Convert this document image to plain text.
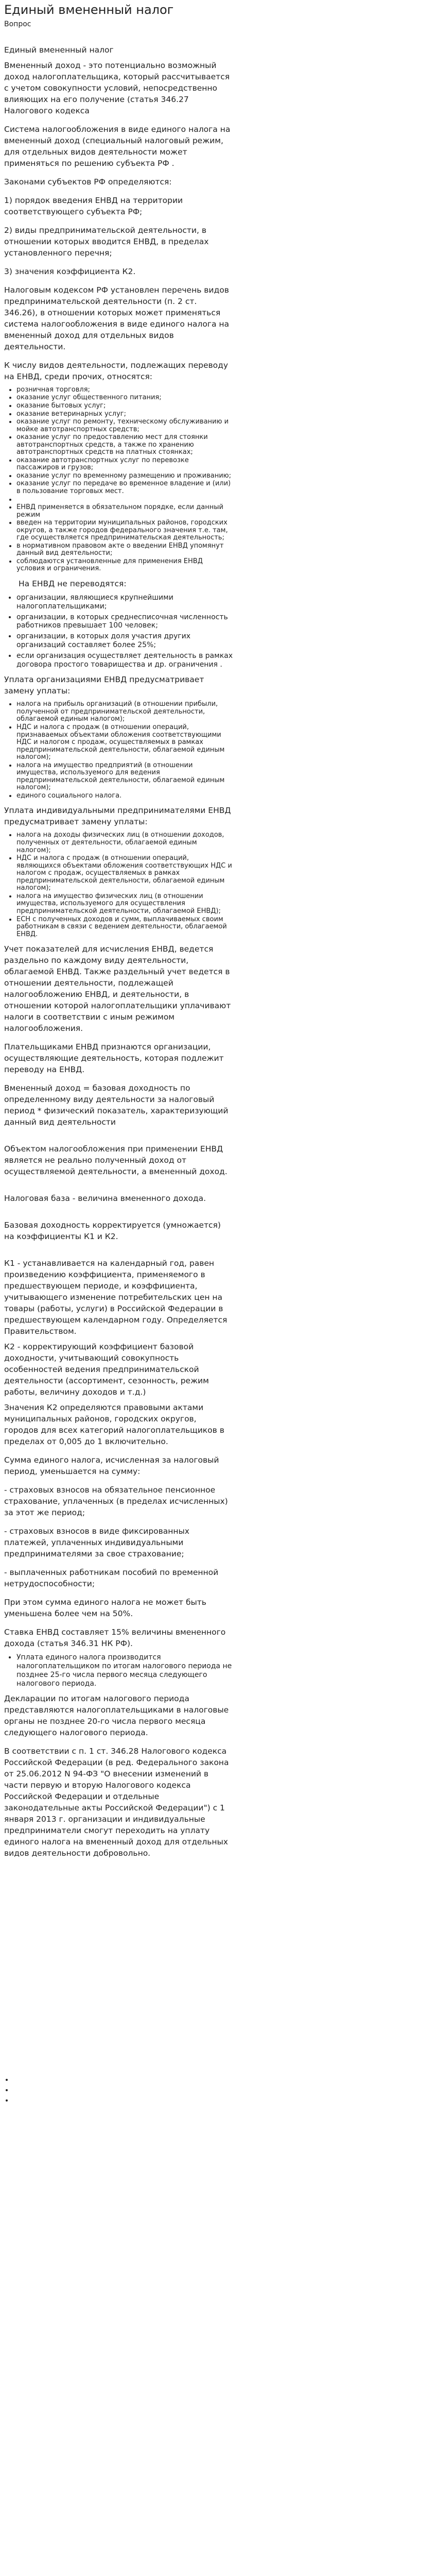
Единый вмененный налог
Вопрос

Единый вмененный налог

Вмененный доход - это потенциально возможный доход налогоплательщика, который рассчитывается с учетом совокупности условий, непосредственно влияющих на его получение (статья 346.27 Налогового кодекса

Система налогообложения в виде единого налога на вмененный доход (специальный налоговый режим, для отдельных видов деятельности может применяться по решению субъекта РФ .

Законами субъектов РФ определяются:

1) порядок введения ЕНВД на территории соответствующего субъекта РФ;

2) виды предпринимательской деятельности, в отношении которых вводится ЕНВД, в пределах установленного перечня;

3) значения коэффициента К2.

Налоговым кодексом РФ установлен перечень видов предпринимательской деятельности (п. 2 ст. 346.26), в отношении которых может применяться система налогообложения в виде единого налога на вмененный доход для отдельных видов деятельности.

К числу видов деятельности, подлежащих переводу на ЕНВД, среди прочих, относятся:

• розничная торговля;
• оказание услуг общественного питания;
• оказание бытовых услуг;
• оказание ветеринарных услуг;
• оказание услуг по ремонту, техническому обслуживанию и мойке автотранспортных средств;
• оказание услуг по предоставлению мест для стоянки автотранспортных средств, а также по хранению автотранспортных средств на платных стоянках;
• оказание автотранспортных услуг по перевозке пассажиров и грузов;
• оказание услуг по временному размещению и проживанию;
• оказание услуг по передаче во временное владение и (или) в пользование торговых мест.
•
• ЕНВД применяется в обязательном порядке, если данный режим
• введен на территории муниципальных районов, городских округов, а также городов федерального значения т.е. там, где осуществляется предпринимательская деятельность;
• в нормативном правовом акте о введении ЕНВД упомянут данный вид деятельности;
• соблюдаются установленные для применения ЕНВД условия и ограничения.

На ЕНВД не переводятся:

• организации, являющиеся крупнейшими налогоплательщиками;
• организации, в которых среднесписочная численность работников превышает 100 человек;
• организации, в которых доля участия других организаций составляет более 25%;
• если организация осуществляет деятельность в рамках договора простого товарищества и др. ограничения .

Уплата организациями ЕНВД предусматривает замену уплаты:

• налога на прибыль организаций (в отношении прибыли, полученной от предпринимательской деятельности, облагаемой единым налогом);
• НДС и налога с продаж (в отношении операций, признаваемых объектами обложения соответствующими НДС и налогом с продаж, осуществляемых в рамках предпринимательской деятельности, облагаемой единым налогом);
• налога на имущество предприятий (в отношении имущества, используемого для ведения предпринимательской деятельности, облагаемой единым налогом);
• единого социального налога.

Уплата индивидуальными предпринимателями ЕНВД предусматривает замену уплаты:

• налога на доходы физических лиц (в отношении доходов, полученных от деятельности, облагаемой единым налогом);
• НДС и налога с продаж (в отношении операций, являющихся объектами обложения соответствующих НДС и налогом с продаж, осуществляемых в рамках предпринимательской деятельности, облагаемой единым налогом);
• налога на имущество физических лиц (в отношении имущества, используемого для осуществления предпринимательской деятельности, облагаемой ЕНВД);
• ЕСН с полученных доходов и сумм, выплачиваемых своим работникам в связи с ведением деятельности, облагаемой ЕНВД.

Учет показателей для исчисления ЕНВД, ведется раздельно по каждому виду деятельности, облагаемой ЕНВД. Также раздельный учет ведется в отношении деятельности, подлежащей налогообложению ЕНВД, и деятельности, в отношении которой налогоплательщики уплачивают налоги в соответствии с иным режимом налогообложения.

Плательщиками ЕНВД признаются организации, осуществляющие деятельность, которая подлежит переводу на ЕНВД.

Вмененный доход = базовая доходность по определенному виду деятельности за налоговый период * физический показатель, характеризующий данный вид деятельности

Объектом налогообложения при применении ЕНВД является не реально полученный доход от осуществляемой деятельности, а вмененный доход.

Налоговая база - величина вмененного дохода.

Базовая доходность корректируется (умножается) на коэффициенты К1 и К2.

К1 - устанавливается на календарный год, равен произведению коэффициента, применяемого в предшествующем периоде, и коэффициента, учитывающего изменение потребительских цен на товары (работы, услуги) в Российской Федерации в предшествующем календарном году. Определяется Правительством.

К2 - корректирующий коэффициент базовой доходности, учитывающий совокупность особенностей ведения предпринимательской деятельности (ассортимент, сезонность, режим работы, величину доходов и т.д.)

Значения К2 определяются правовыми актами муниципальных районов, городских округов, городов для всех категорий налогоплательщиков в пределах от 0,005 до 1 включительно.

Сумма единого налога, исчисленная за налоговый период, уменьшается на сумму:

- страховых взносов на обязательное пенсионное страхование, уплаченных (в пределах исчисленных) за этот же период;

- страховых взносов в виде фиксированных платежей, уплаченных индивидуальными предпринимателями за свое страхование;

- выплаченных работникам пособий по временной нетрудоспособности;

При этом сумма единого налога не может быть уменьшена более чем на 50%.

Ставка ЕНВД составляет 15% величины вмененного дохода (статья 346.31 НК РФ).

• Уплата единого налога производится налогоплательщиком по итогам налогового периода не позднее 25-го числа первого месяца следующего налогового периода.

Декларации по итогам налогового периода представляются налогоплательщиками в налоговые органы не позднее 20-го числа первого месяца следующего налогового периода.

В соответствии с п. 1 ст. 346.28 Налогового кодекса Российской Федерации (в ред. Федерального закона от 25.06.2012 N 94-ФЗ "О внесении изменений в части первую и вторую Налогового кодекса Российской Федерации и отдельные законодательные акты Российской Федерации") с 1 января 2013 г. организации и индивидуальные предприниматели смогут переходить на уплату единого налога на вмененный доход для отдельных видов деятельности добровольно.

•
•
•
